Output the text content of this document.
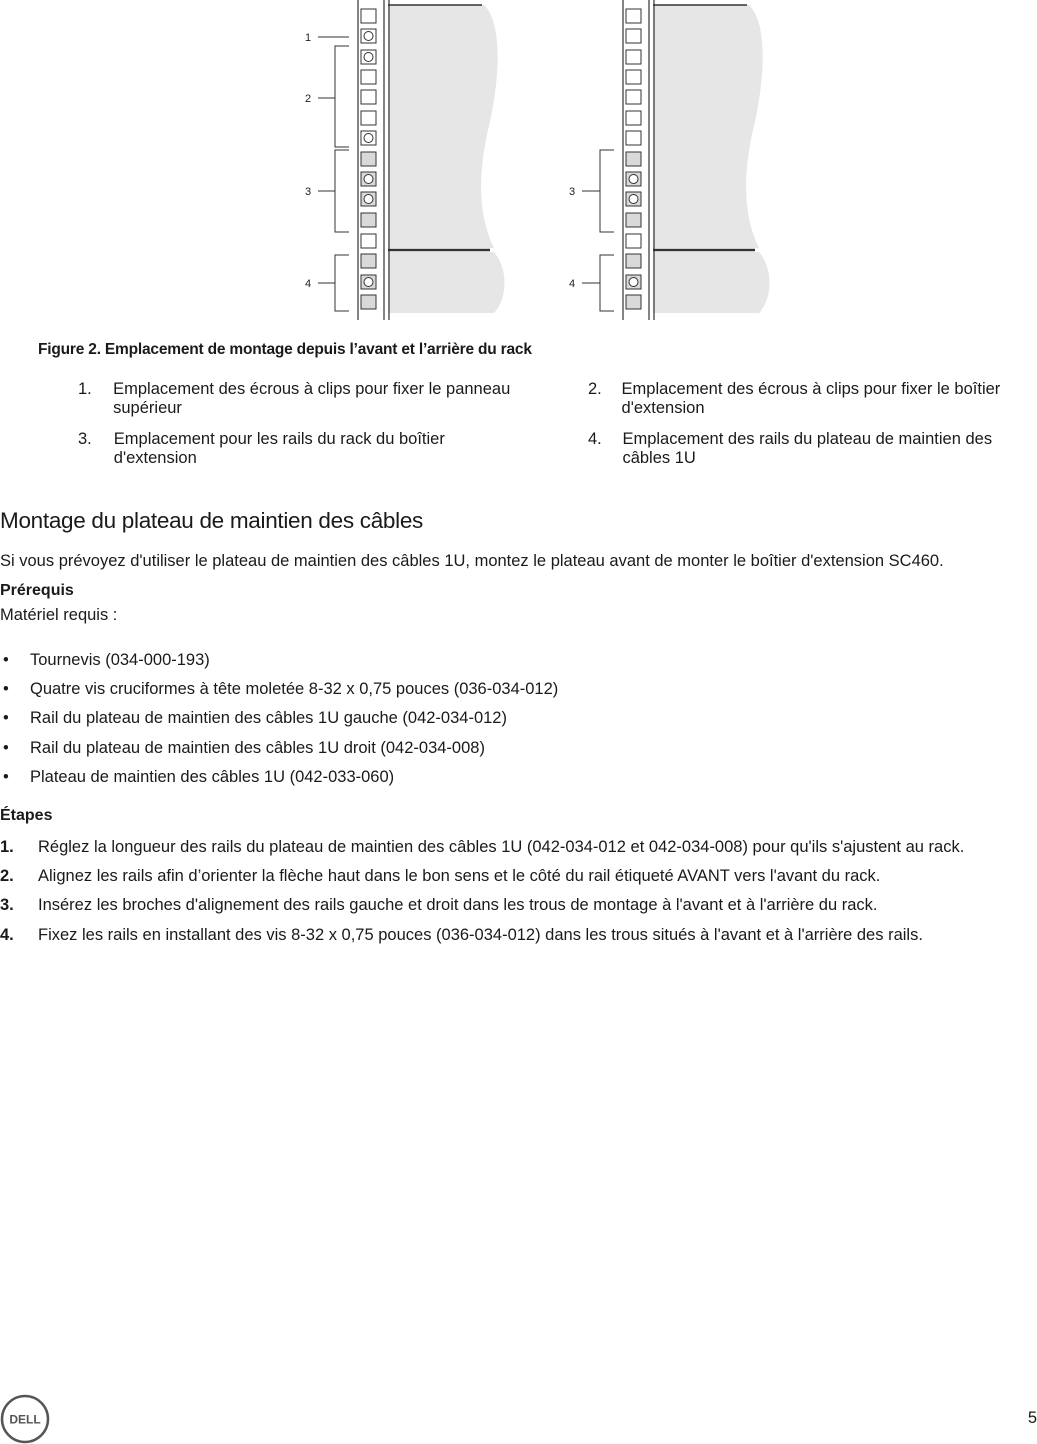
1
2
3
4
3
4

Figure 2. Emplacement de montage depuis l’avant et l’arrière du rack

1.	Emplacement des écrous à clips pour fixer le panneau supérieur
2.	Emplacement des écrous à clips pour fixer le boîtier d'extension
3.	Emplacement pour les rails du rack du boîtier d'extension
4.	Emplacement des rails du plateau de maintien des câbles 1U
Montage du plateau de maintien des câbles

Si vous prévoyez d'utiliser le plateau de maintien des câbles 1U, montez le plateau avant de monter le boîtier d'extension SC460.

Prérequis

Matériel requis :

•	Tournevis (034-000-193)
•	Quatre vis cruciformes à tête moletée 8-32 x 0,75 pouces (036-034-012)
•	Rail du plateau de maintien des câbles 1U gauche (042-034-012)
•	Rail du plateau de maintien des câbles 1U droit (042-034-008)
•	Plateau de maintien des câbles 1U (042-033-060)

Étapes

1.	Réglez la longueur des rails du plateau de maintien des câbles 1U (042-034-012 et 042-034-008) pour qu'ils s'ajustent au rack.
2.	Alignez les rails afin d’orienter la flèche haut dans le bon sens et le côté du rail étiqueté AVANT vers l'avant du rack.
3.	Insérez les broches d'alignement des rails gauche et droit dans les trous de montage à l'avant et à l'arrière du rack.
4.	Fixez les rails en installant des vis 8-32 x 0,75 pouces (036-034-012) dans les trous situés à l'avant et à l'arrière des rails.
DELL	5
